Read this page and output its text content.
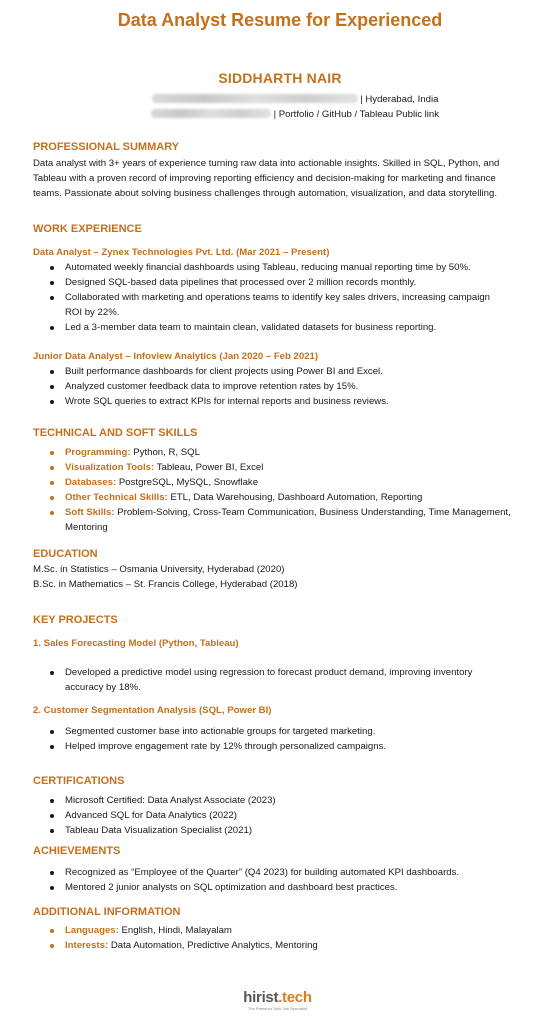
Data Analyst Resume for Experienced
SIDDHARTH NAIR
| Hyderabad, India
| Portfolio / GitHub / Tableau Public link
PROFESSIONAL SUMMARY
Data analyst with 3+ years of experience turning raw data into actionable insights. Skilled in SQL, Python, and
Tableau with a proven record of improving reporting efficiency and decision-making for marketing and finance
teams. Passionate about solving business challenges through automation, visualization, and data storytelling.
WORK EXPERIENCE
Data Analyst – Zynex Technologies Pvt. Ltd. (Mar 2021 – Present)
Automated weekly financial dashboards using Tableau, reducing manual reporting time by 50%.
Designed SQL-based data pipelines that processed over 2 million records monthly.
Collaborated with marketing and operations teams to identify key sales drivers, increasing campaign
ROI by 22%.
Led a 3-member data team to maintain clean, validated datasets for business reporting.
Junior Data Analyst – Infoview Analytics (Jan 2020 – Feb 2021)
Built performance dashboards for client projects using Power BI and Excel.
Analyzed customer feedback data to improve retention rates by 15%.
Wrote SQL queries to extract KPIs for internal reports and business reviews.
TECHNICAL AND SOFT SKILLS
Programming: Python, R, SQL
Visualization Tools: Tableau, Power BI, Excel
Databases: PostgreSQL, MySQL, Snowflake
Other Technical Skills: ETL, Data Warehousing, Dashboard Automation, Reporting
Soft Skills: Problem-Solving, Cross-Team Communication, Business Understanding, Time Management,
Mentoring
EDUCATION
M.Sc. in Statistics – Osmania University, Hyderabad (2020)
B.Sc. in Mathematics – St. Francis College, Hyderabad (2018)
KEY PROJECTS
1. Sales Forecasting Model (Python, Tableau)
Developed a predictive model using regression to forecast product demand, improving inventory
accuracy by 18%.
2. Customer Segmentation Analysis (SQL, Power BI)
Segmented customer base into actionable groups for targeted marketing.
Helped improve engagement rate by 12% through personalized campaigns.
CERTIFICATIONS
Microsoft Certified: Data Analyst Associate (2023)
Advanced SQL for Data Analytics (2022)
Tableau Data Visualization Specialist (2021)
ACHIEVEMENTS
Recognized as “Employee of the Quarter” (Q4 2023) for building automated KPI dashboards.
Mentored 2 junior analysts on SQL optimization and dashboard best practices.
ADDITIONAL INFORMATION
Languages: English, Hindi, Malayalam
Interests: Data Automation, Predictive Analytics, Mentoring
hirist.tech
The Premium Tech Job Specialist
